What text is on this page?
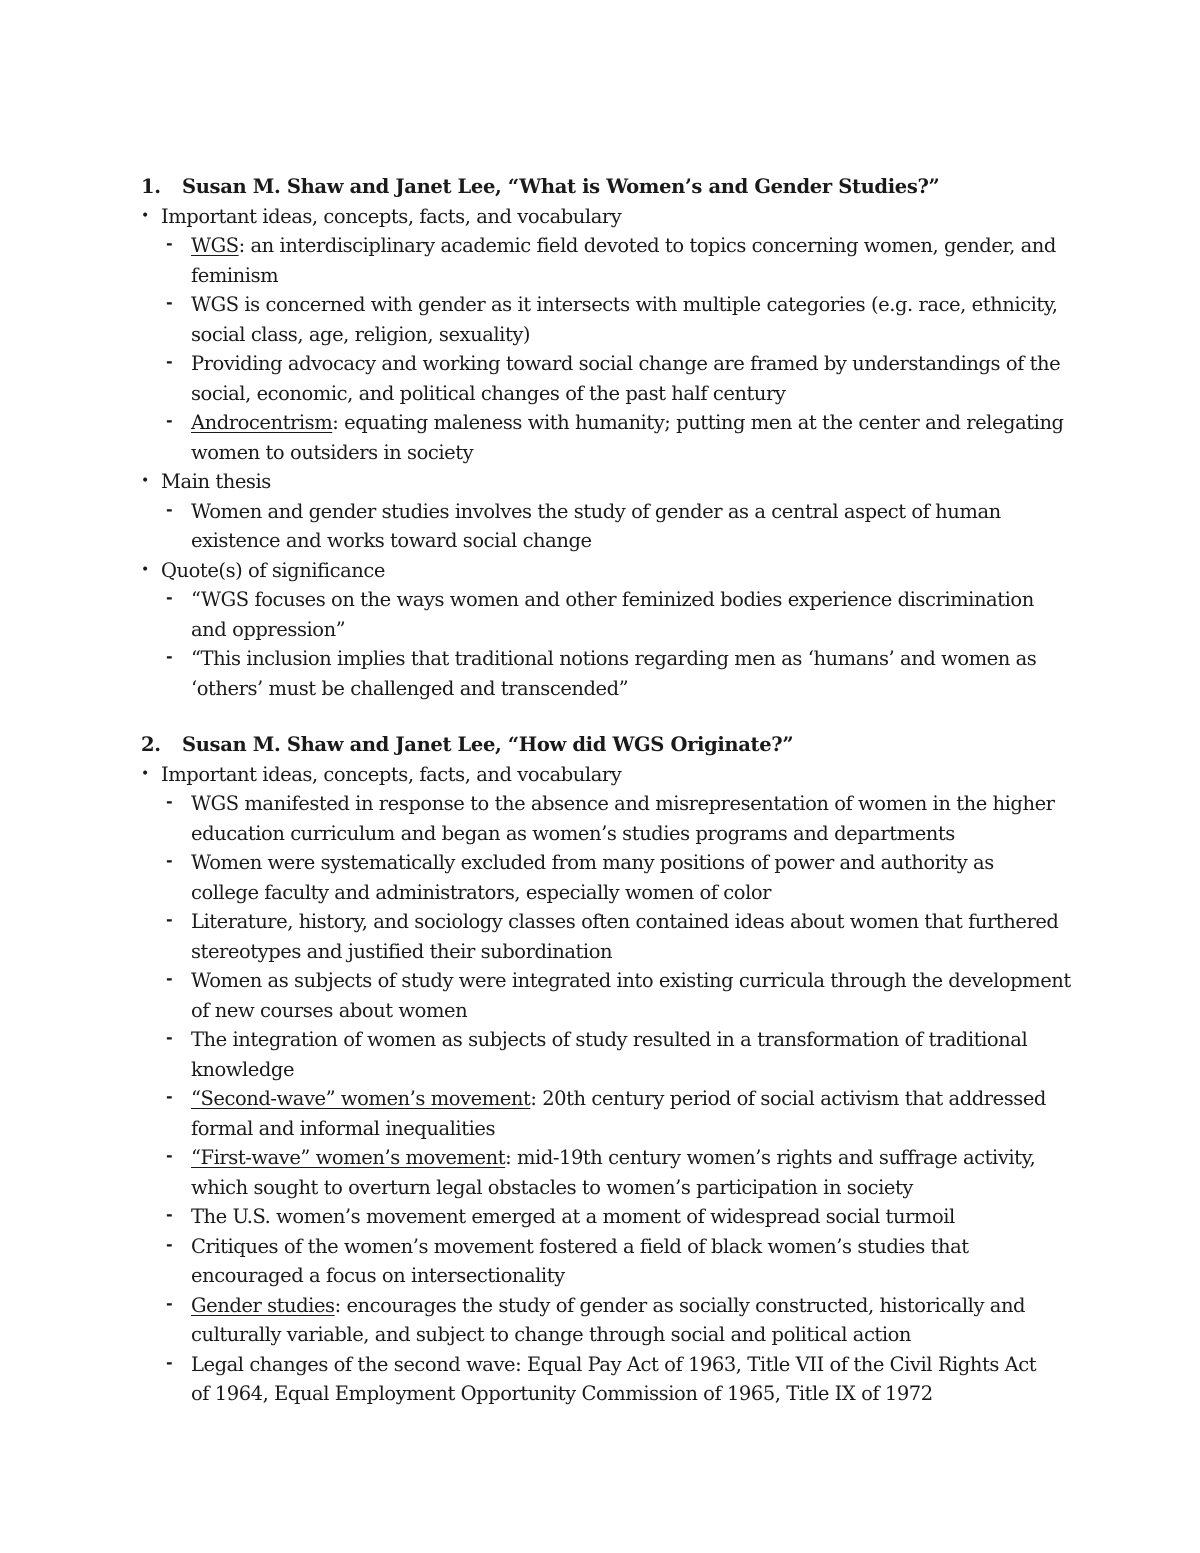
1. Susan M. Shaw and Janet Lee, “What is Women’s and Gender Studies?”
• Important ideas, concepts, facts, and vocabulary
- WGS: an interdisciplinary academic field devoted to topics concerning women, gender, and
feminism
- WGS is concerned with gender as it intersects with multiple categories (e.g. race, ethnicity,
social class, age, religion, sexuality)
- Providing advocacy and working toward social change are framed by understandings of the
social, economic, and political changes of the past half century
- Androcentrism: equating maleness with humanity; putting men at the center and relegating
women to outsiders in society
• Main thesis
- Women and gender studies involves the study of gender as a central aspect of human
existence and works toward social change
• Quote(s) of significance
- “WGS focuses on the ways women and other feminized bodies experience discrimination
and oppression”
- “This inclusion implies that traditional notions regarding men as ‘humans’ and women as
‘others’ must be challenged and transcended”
2. Susan M. Shaw and Janet Lee, “How did WGS Originate?”
• Important ideas, concepts, facts, and vocabulary
- WGS manifested in response to the absence and misrepresentation of women in the higher
education curriculum and began as women’s studies programs and departments
- Women were systematically excluded from many positions of power and authority as
college faculty and administrators, especially women of color
- Literature, history, and sociology classes often contained ideas about women that furthered
stereotypes and justified their subordination
- Women as subjects of study were integrated into existing curricula through the development
of new courses about women
- The integration of women as subjects of study resulted in a transformation of traditional
knowledge
- “Second-wave” women’s movement: 20th century period of social activism that addressed
formal and informal inequalities
- “First-wave” women’s movement: mid-19th century women’s rights and suffrage activity,
which sought to overturn legal obstacles to women’s participation in society
- The U.S. women’s movement emerged at a moment of widespread social turmoil
- Critiques of the women’s movement fostered a field of black women’s studies that
encouraged a focus on intersectionality
- Gender studies: encourages the study of gender as socially constructed, historically and
culturally variable, and subject to change through social and political action
- Legal changes of the second wave: Equal Pay Act of 1963, Title VII of the Civil Rights Act
of 1964, Equal Employment Opportunity Commission of 1965, Title IX of 1972
